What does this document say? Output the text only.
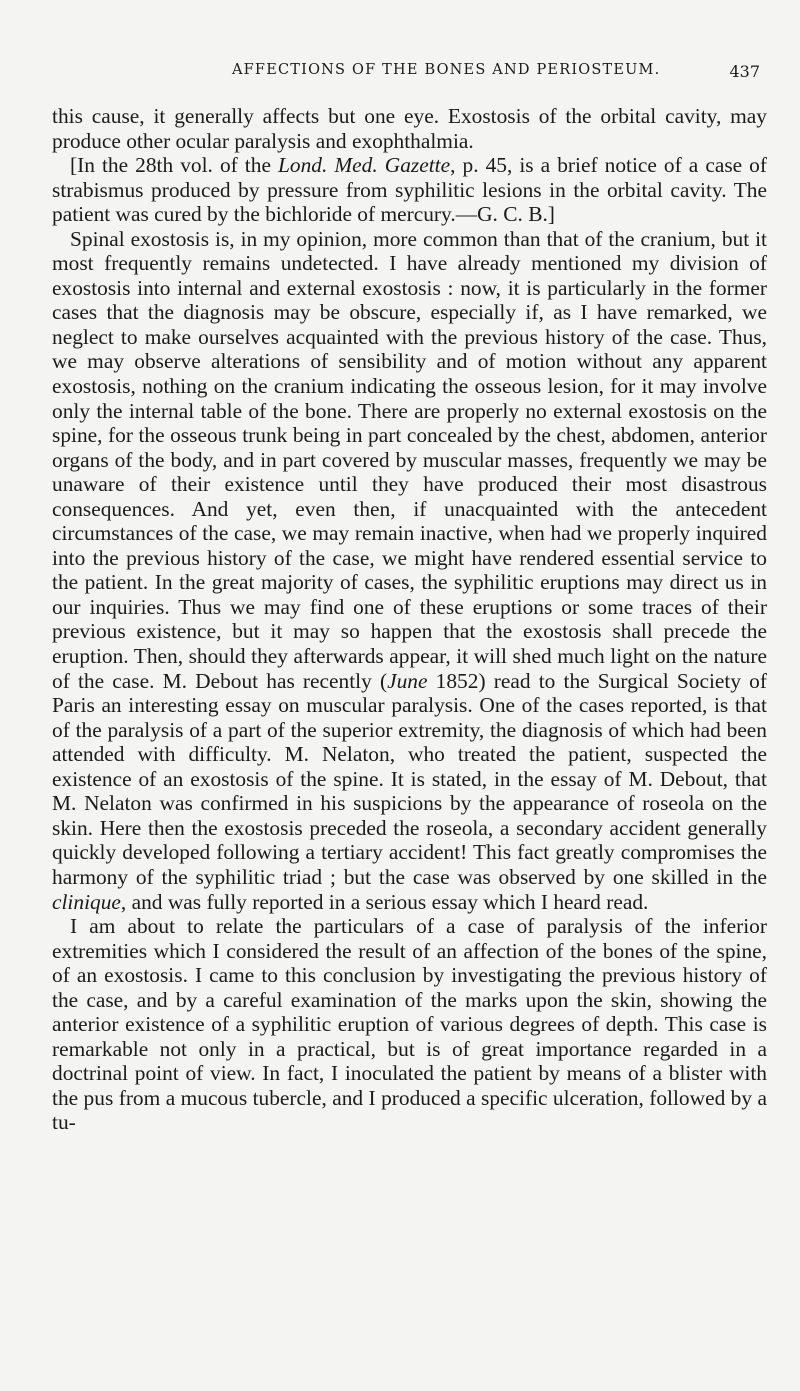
AFFECTIONS OF THE BONES AND PERIOSTEUM.	437

this cause, it generally affects but one eye. Exostosis of the orbital cavity, may produce other ocular paralysis and exophthalmia.

[In the 28th vol. of the Lond. Med. Gazette, p. 45, is a brief notice of a case of strabismus produced by pressure from syphilitic lesions in the orbital cavity. The patient was cured by the bichloride of mercury.—G. C. B.]

Spinal exostosis is, in my opinion, more common than that of the cranium, but it most frequently remains undetected. I have already mentioned my division of exostosis into internal and external exostosis : now, it is particularly in the former cases that the diagnosis may be obscure, especially if, as I have remarked, we neglect to make ourselves acquainted with the previous history of the case. Thus, we may observe alterations of sensibility and of motion without any apparent exostosis, nothing on the cranium indicating the osseous lesion, for it may involve only the internal table of the bone. There are properly no external exostosis on the spine, for the osseous trunk being in part concealed by the chest, abdomen, anterior organs of the body, and in part covered by muscular masses, frequently we may be unaware of their existence until they have produced their most disastrous consequences. And yet, even then, if unacquainted with the antecedent circumstances of the case, we may remain inactive, when had we properly inquired into the previous history of the case, we might have rendered essential service to the patient. In the great majority of cases, the syphilitic eruptions may direct us in our inquiries. Thus we may find one of these eruptions or some traces of their previous existence, but it may so happen that the exostosis shall precede the eruption. Then, should they afterwards appear, it will shed much light on the nature of the case. M. Debout has recently (June 1852) read to the Surgical Society of Paris an interesting essay on muscular paralysis. One of the cases reported, is that of the paralysis of a part of the superior extremity, the diagnosis of which had been attended with difficulty. M. Nelaton, who treated the patient, suspected the existence of an exostosis of the spine. It is stated, in the essay of M. Debout, that M. Nelaton was confirmed in his suspicions by the appearance of roseola on the skin. Here then the exostosis preceded the roseola, a secondary accident generally quickly developed following a tertiary accident! This fact greatly compromises the harmony of the syphilitic triad ; but the case was observed by one skilled in the clinique, and was fully reported in a serious essay which I heard read.

I am about to relate the particulars of a case of paralysis of the inferior extremities which I considered the result of an affection of the bones of the spine, of an exostosis. I came to this conclusion by investigating the previous history of the case, and by a careful examination of the marks upon the skin, showing the anterior existence of a syphilitic eruption of various degrees of depth. This case is remarkable not only in a practical, but is of great importance regarded in a doctrinal point of view. In fact, I inoculated the patient by means of a blister with the pus from a mucous tubercle, and I produced a specific ulceration, followed by a tu-
